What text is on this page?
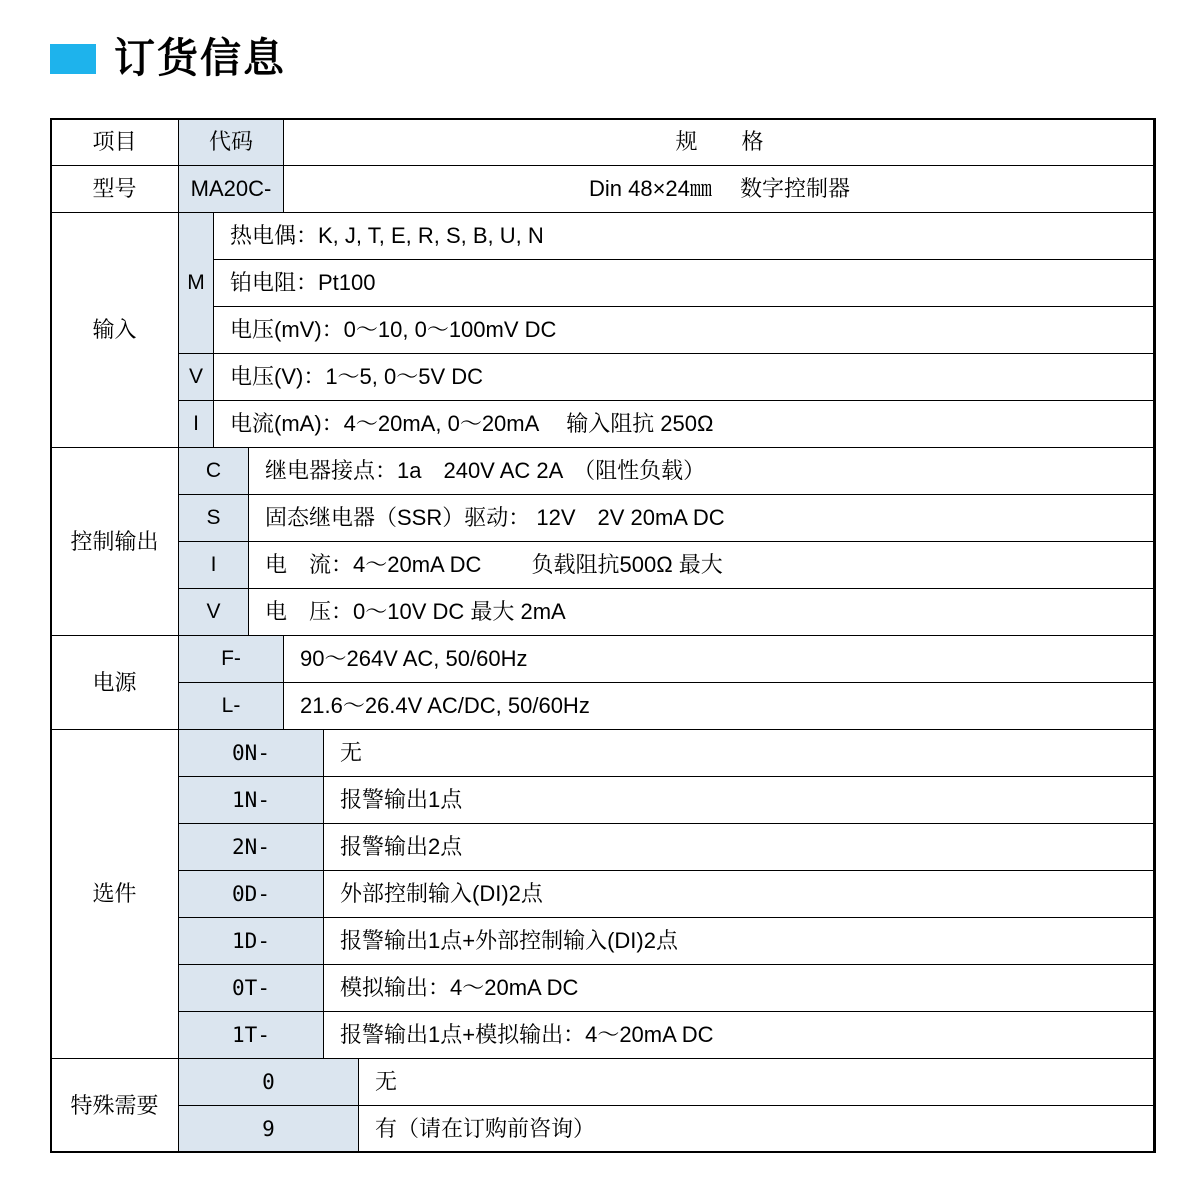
订货信息
项目	代码			规　　格		
型号	MA20C-			Din 48×24㎜　 数字控制器		
输入	M	热电偶：K, J, T, E, R, S, B, U, N				
		铂电阻：Pt100				
		电压(mV)：0～10, 0～100mV DC				
	V	电压(V)：1～5, 0～5V DC				
	I	电流(mA)：4～20mA, 0～20mA　 输入阻抗 250Ω				
控制输出	C		继电器接点：1a　240V AC 2A　（阻性负载）			
	S		固态继电器（SSR）驱动： 12V　2V 20mA DC			
	I		电　流：4～20mA DC　　 负载阻抗500Ω 最大			
	V		电　压：0～10V DC 最大 2mA			
电源	F-			90～264V AC, 50/60Hz		
	L-			21.6～26.4V AC/DC, 50/60Hz		
选件	0N-				无	
	1N-				报警输出1点	
	2N-				报警输出2点	
	0D-				外部控制输入(DI)2点	
	1D-				报警输出1点+外部控制输入(DI)2点	
	0T-				模拟输出：4～20mA DC	
	1T-				报警输出1点+模拟输出：4～20mA DC	
特殊需要	0					无
	9					有（请在订购前咨询）
